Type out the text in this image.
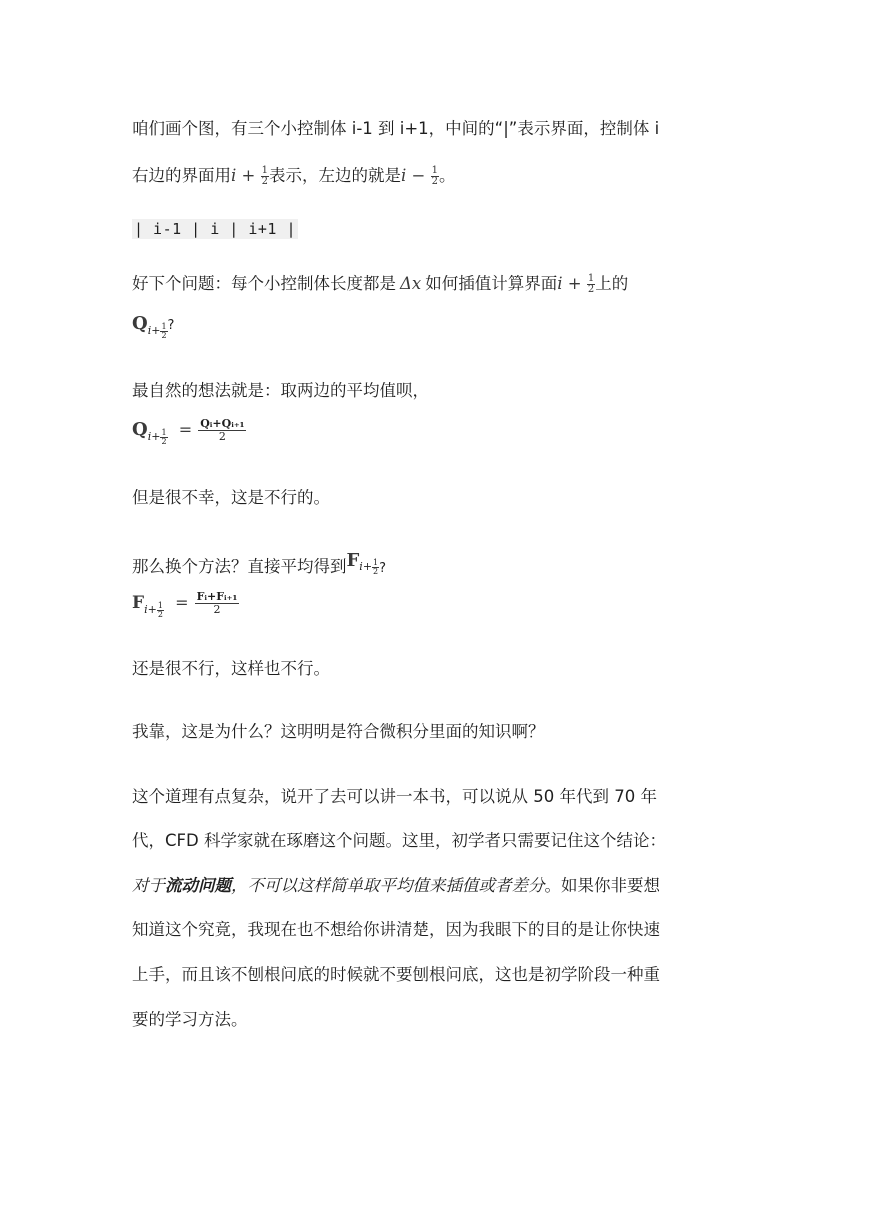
咱们画个图，有三个小控制体 i-1 到 i+1，中间的“|”表示界面，控制体 i
右边的界面用$i + \frac{1}{2}$ 表示，左边的就是$i - \frac{1}{2}$ 。
| i-1 | i | i+1 |
好下个问题：每个小控制体长度都是 Δx 如何插值计算界面$i + \frac{1}{2}$ 上的
$Q_{i+ \frac{1}{2}}$ ?
最自然的想法就是：取两边的平均值呗，
$Q_{i+ \frac{1}{2}} = \frac{\text{Qᵢ+Qᵢ₊₁}}{2}$
但是很不幸，这是不行的。
那么换个方法？直接平均得到$Fi+ \frac{1}{2}$ ?
$F_{i+ \frac{1}{2}} = \frac{\text{Fᵢ+Fᵢ₊₁}}{2}$
还是很不行，这样也不行。
我靠，这是为什么？这明明是符合微积分里面的知识啊？
这个道理有点复杂，说开了去可以讲一本书，可以说从 50 年代到 70 年
代，CFD 科学家就在琢磨这个问题。这里，初学者只需要记住这个结论：
对于流动问题，不可以这样简单取平均值来插值或者差分。如果你非要想
知道这个究竟，我现在也不想给你讲清楚，因为我眼下的目的是让你快速
上手，而且该不刨根问底的时候就不要刨根问底，这也是初学阶段一种重
要的学习方法。
